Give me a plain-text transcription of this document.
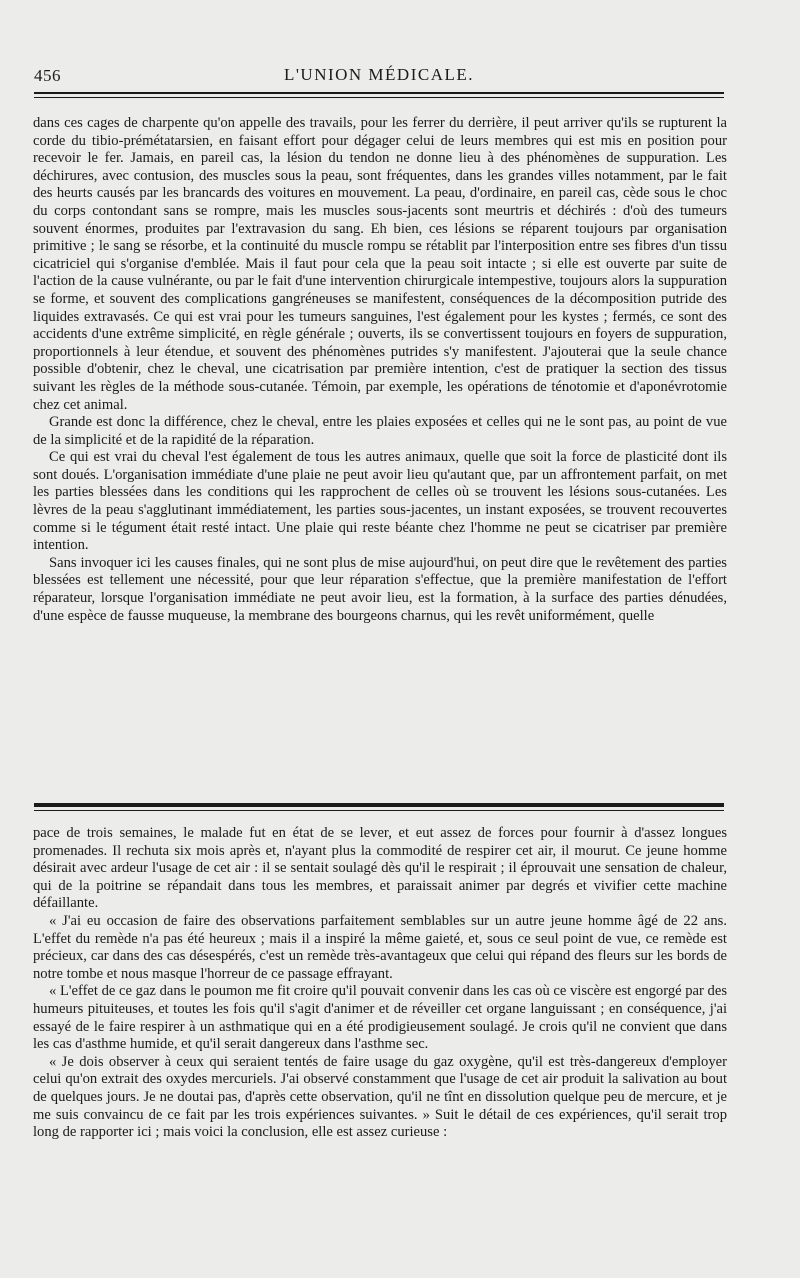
456	L'UNION MÉDICALE.

dans ces cages de charpente qu'on appelle des travails, pour les ferrer du derrière, il peut arriver qu'ils se rupturent la corde du tibio-prémétatarsien, en faisant effort pour dégager celui de leurs membres qui est mis en position pour recevoir le fer. Jamais, en pareil cas, la lésion du tendon ne donne lieu à des phénomènes de suppuration. Les déchirures, avec contusion, des muscles sous la peau, sont fréquentes, dans les grandes villes notamment, par le fait des heurts causés par les brancards des voitures en mouvement. La peau, d'ordinaire, en pareil cas, cède sous le choc du corps contondant sans se rompre, mais les muscles sous-jacents sont meurtris et déchirés : d'où des tumeurs souvent énormes, produites par l'extravasion du sang. Eh bien, ces lésions se réparent toujours par organisation primitive ; le sang se résorbe, et la continuité du muscle rompu se rétablit par l'interposition entre ses fibres d'un tissu cicatriciel qui s'organise d'emblée. Mais il faut pour cela que la peau soit intacte ; si elle est ouverte par suite de l'action de la cause vulnérante, ou par le fait d'une intervention chirurgicale intempestive, toujours alors la suppuration se forme, et souvent des complications gangréneuses se manifestent, conséquences de la décomposition putride des liquides extravasés. Ce qui est vrai pour les tumeurs sanguines, l'est également pour les kystes ; fermés, ce sont des accidents d'une extrême simplicité, en règle générale ; ouverts, ils se convertissent toujours en foyers de suppuration, proportionnels à leur étendue, et souvent des phénomènes putrides s'y manifestent. J'ajouterai que la seule chance possible d'obtenir, chez le cheval, une cicatrisation par première intention, c'est de pratiquer la section des tissus suivant les règles de la méthode sous-cutanée. Témoin, par exemple, les opérations de ténotomie et d'aponévrotomie chez cet animal.

Grande est donc la différence, chez le cheval, entre les plaies exposées et celles qui ne le sont pas, au point de vue de la simplicité et de la rapidité de la réparation.

Ce qui est vrai du cheval l'est également de tous les autres animaux, quelle que soit la force de plasticité dont ils sont doués. L'organisation immédiate d'une plaie ne peut avoir lieu qu'autant que, par un affrontement parfait, on met les parties blessées dans les conditions qui les rapprochent de celles où se trouvent les lésions sous-cutanées. Les lèvres de la peau s'agglutinant immédiatement, les parties sous-jacentes, un instant exposées, se trouvent recouvertes comme si le tégument était resté intact. Une plaie qui reste béante chez l'homme ne peut se cicatriser par première intention.

Sans invoquer ici les causes finales, qui ne sont plus de mise aujourd'hui, on peut dire que le revêtement des parties blessées est tellement une nécessité, pour que leur réparation s'effectue, que la première manifestation de l'effort réparateur, lorsque l'organisation immédiate ne peut avoir lieu, est la formation, à la surface des parties dénudées, d'une espèce de fausse muqueuse, la membrane des bourgeons charnus, qui les revêt uniformément, quelle

pace de trois semaines, le malade fut en état de se lever, et eut assez de forces pour fournir à d'assez longues promenades. Il rechuta six mois après et, n'ayant plus la commodité de respirer cet air, il mourut. Ce jeune homme désirait avec ardeur l'usage de cet air : il se sentait soulagé dès qu'il le respirait ; il éprouvait une sensation de chaleur, qui de la poitrine se répandait dans tous les membres, et paraissait animer par degrés et vivifier cette machine défaillante.

« J'ai eu occasion de faire des observations parfaitement semblables sur un autre jeune homme âgé de 22 ans. L'effet du remède n'a pas été heureux ; mais il a inspiré la même gaieté, et, sous ce seul point de vue, ce remède est précieux, car dans des cas désespérés, c'est un remède très-avantageux que celui qui répand des fleurs sur les bords de notre tombe et nous masque l'horreur de ce passage effrayant.

« L'effet de ce gaz dans le poumon me fit croire qu'il pouvait convenir dans les cas où ce viscère est engorgé par des humeurs pituiteuses, et toutes les fois qu'il s'agit d'animer et de réveiller cet organe languissant ; en conséquence, j'ai essayé de le faire respirer à un asthmatique qui en a été prodigieusement soulagé. Je crois qu'il ne convient que dans les cas d'asthme humide, et qu'il serait dangereux dans l'asthme sec.

« Je dois observer à ceux qui seraient tentés de faire usage du gaz oxygène, qu'il est très-dangereux d'employer celui qu'on extrait des oxydes mercuriels. J'ai observé constamment que l'usage de cet air produit la salivation au bout de quelques jours. Je ne doutai pas, d'après cette observation, qu'il ne tînt en dissolution quelque peu de mercure, et je me suis convaincu de ce fait par les trois expériences suivantes. » Suit le détail de ces expériences, qu'il serait trop long de rapporter ici ; mais voici la conclusion, elle est assez curieuse :
